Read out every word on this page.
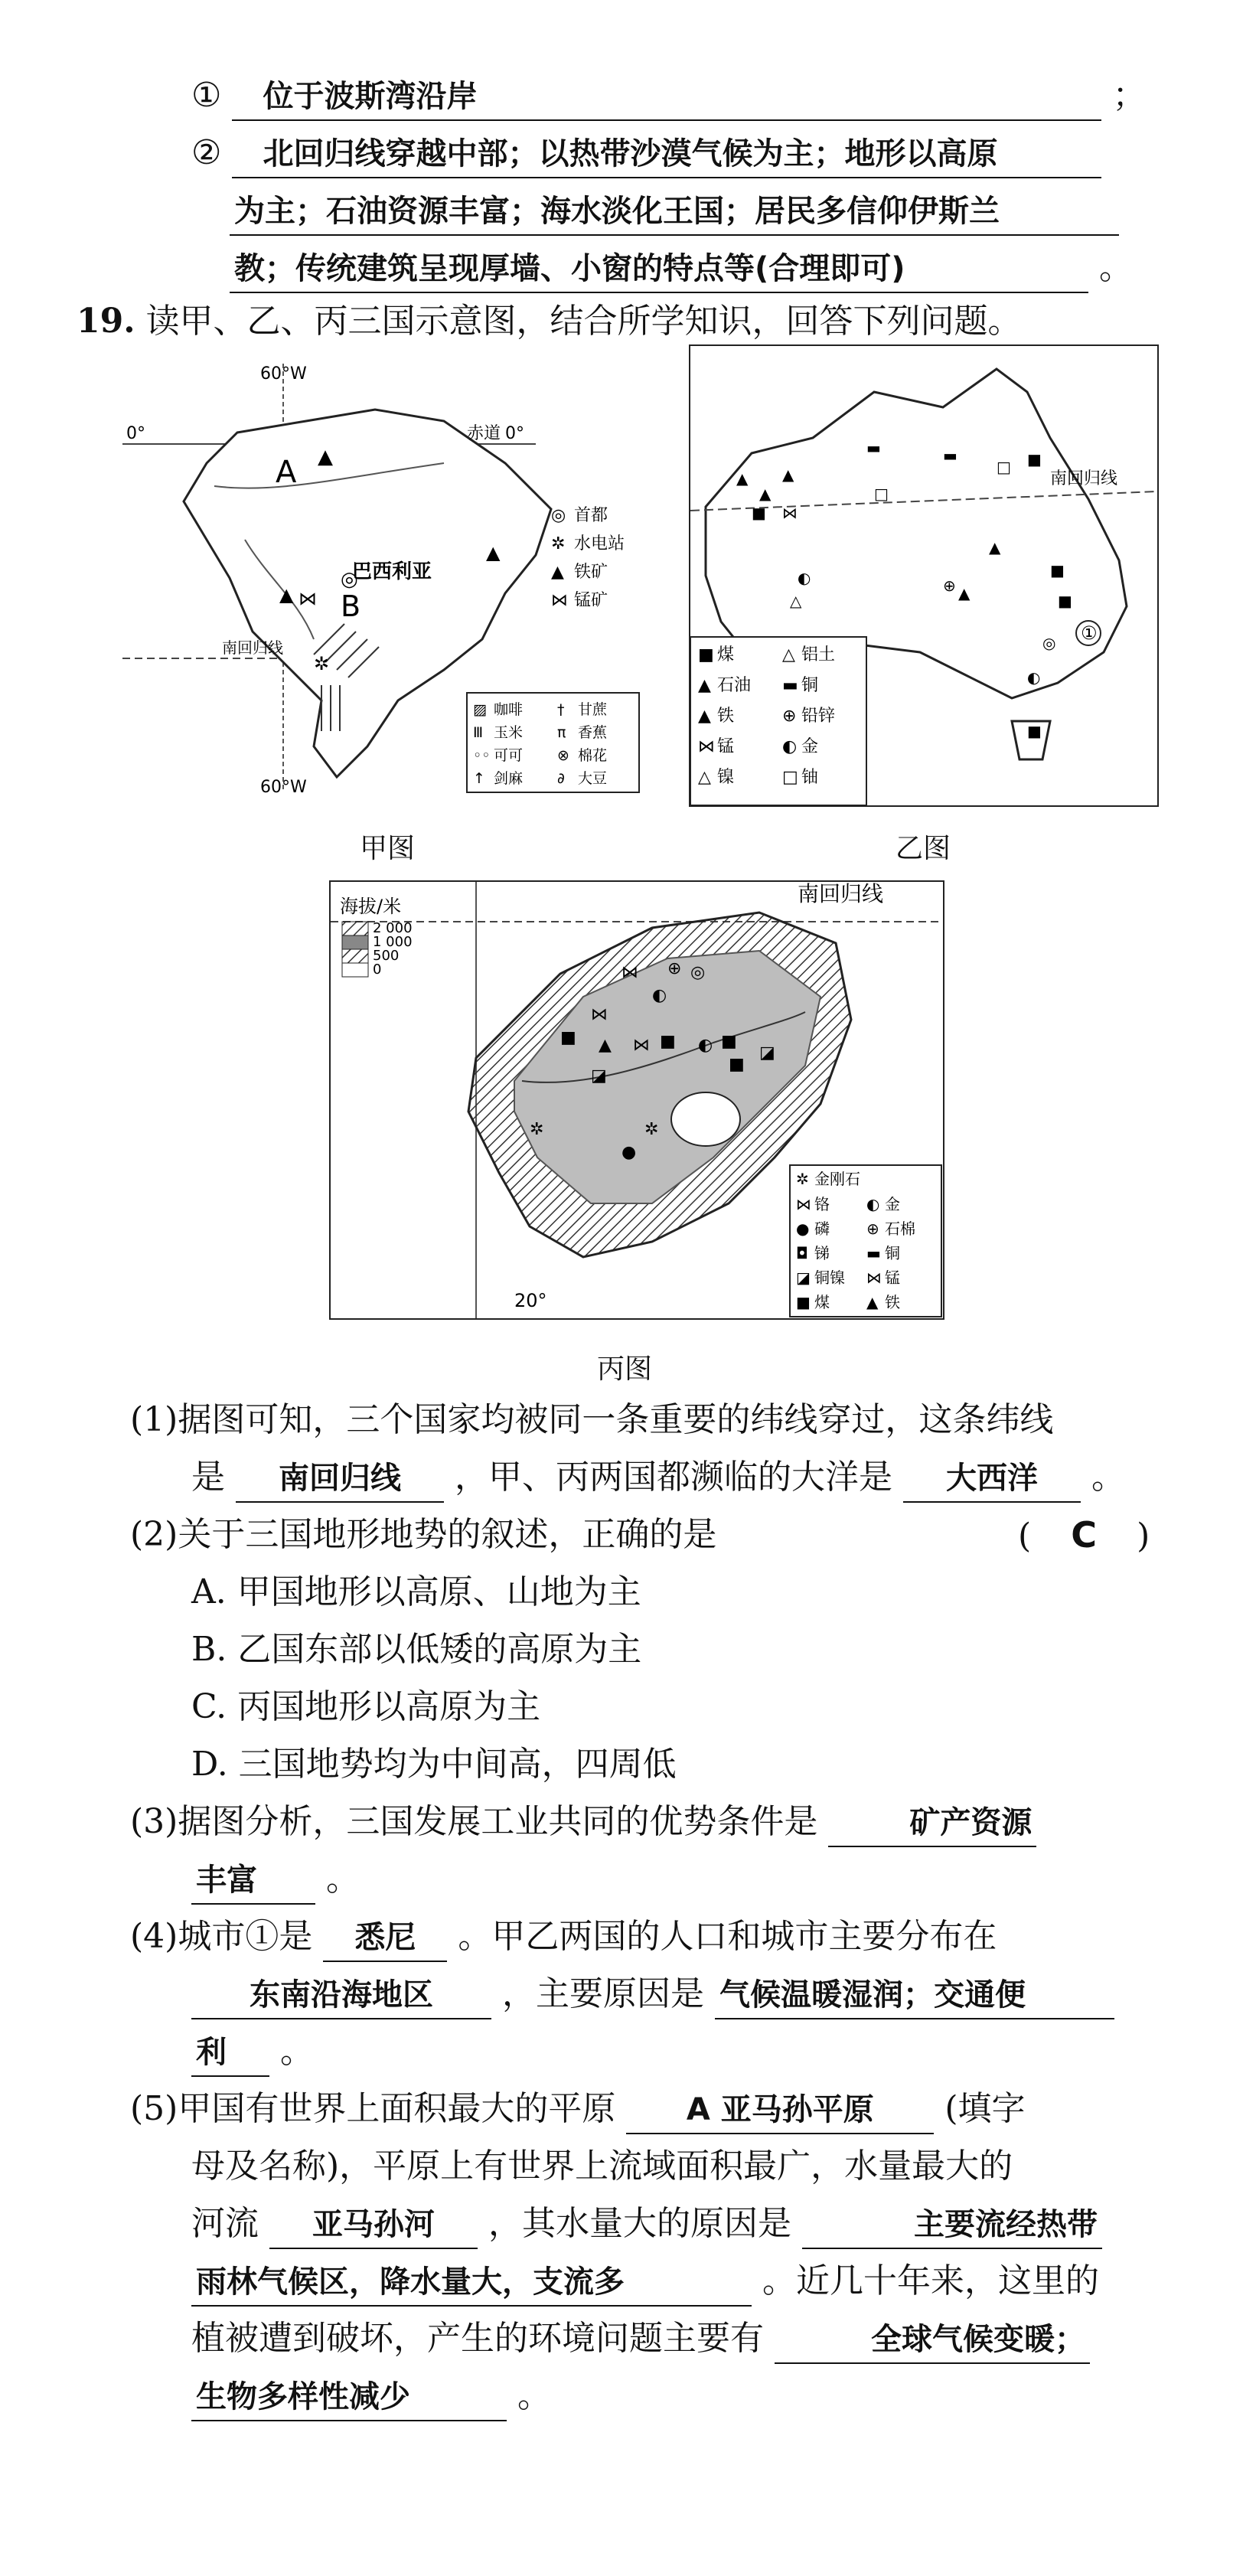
① 位于波斯湾沿岸	；
② 北回归线穿越中部；以热带沙漠气候为主；地形以高原
为主；石油资源丰富；海水淡化王国；居民多信仰伊斯兰
教；传统建筑呈现厚墙、小窗的特点等(合理即可)	。
19. 读甲、乙、丙三国示意图，结合所学知识，回答下列问题。
▲
▲ ⋈
◎
▲
✲
60°W
60°W
0°	赤道 0°
A
B
巴西利亚
南回归线
◎ 首都
✲ 水电站
▲ 铁矿
⋈ 锰矿
▨ 咖啡 † 甘蔗
Ⅲ 玉米 π 香蕉
◦◦ 可可 ⊗ 棉花
↑ 剑麻 ∂ 大豆
甲图
南回归线
▬	▬
□ ■
□
▲
▲
▲
■ ⋈
◐
△
⊕ ▲
▲
■
■
◎
◐
■
①
■ 煤	△ 铝土
▲ 石油 ▬ 铜
▲ 铁	⊕ 铅锌
⋈ 锰	◐ 金
△ 镍	□ 铀
乙图
⊕ ◎
◐
⋈
⋈
■ ▲ ⋈ ■ ◐ ■
■
◪
◪
✲	✲
●
南回归线
20°
海拔/米
2 000
1 000
500
0
✲ 金刚石
⋈ 铬 ◐ 金
● 磷 ⊕ 石棉
◘ 锑 ▬ 铜
◪ 铜镍 ⋈ 锰
■ 煤 ▲ 铁
丙图
(1)据图可知，三个国家均被同一条重要的纬线穿过，这条纬线
是 南回归线 ，甲、丙两国都濒临的大洋是 大西洋 。
(2)关于三国地形地势的叙述，正确的是	( C )
A. 甲国地形以高原、山地为主
B. 乙国东部以低矮的高原为主
C. 丙国地形以高原为主
D. 三国地势均为中间高，四周低
(3)据图分析，三国发展工业共同的优势条件是	矿产资源
丰富 。
(4)城市①是 悉尼 。甲乙两国的人口和城市主要分布在
东南沿海地区 ，主要原因是 气候温暖湿润；交通便
利 。
(5)甲国有世界上面积最大的平原 A 亚马孙平原 (填字
母及名称)，平原上有世界上流域面积最广，水量最大的
河流 亚马孙河 ，其水量大的原因是	主要流经热带
雨林气候区，降水量大，支流多	。近几十年来，这里的
植被遭到破坏，产生的环境问题主要有	全球气候变暖；
生物多样性减少	。
